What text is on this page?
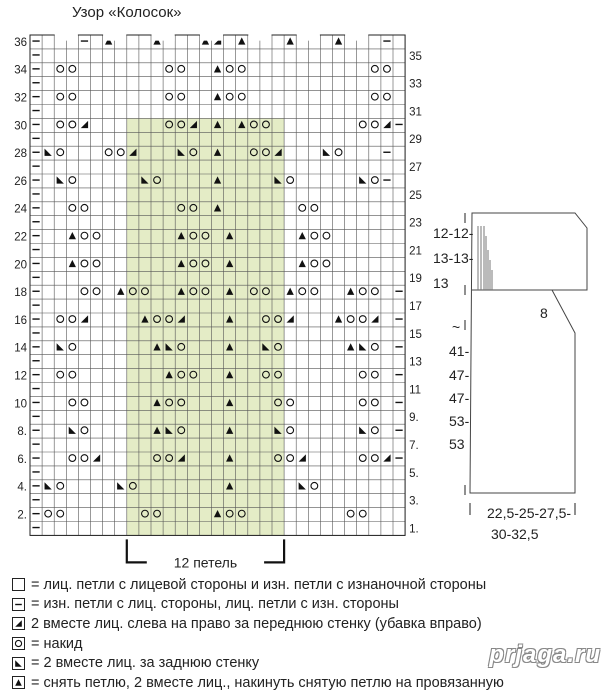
Узор «Колосок»
36
34
32
30
28
26
24
22
20
18
16
14
12
10
8.
6.
4.
2.
35
33
31
29
27
25
23
21
19
17
15
13
11
9.
7.
5.
3.
1.
12 петель
12-12-
13-13-
13
8
~
41-
47-
47-
53-
53
22,5-25-27,5-
30-32,5
= лиц. петли с лицевой стороны и изн. петли с изнаночной стороны
= изн. петли с лиц. стороны, лиц. петли с изн. стороны
2 вместе лиц. слева на право за переднюю стенку (убавка вправо)
= накид
= 2 вместе лиц. за заднюю стенку
= снять петлю, 2 вместе лиц., накинуть снятую петлю на провязанную
prjaga.ru
